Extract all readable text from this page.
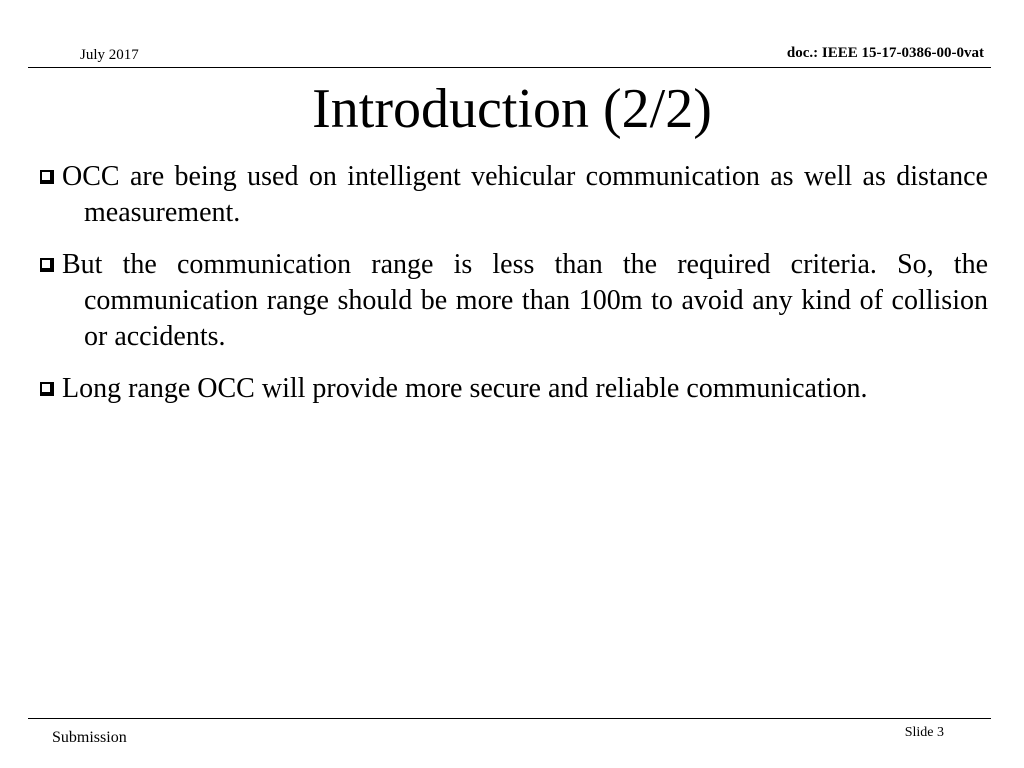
July 2017	doc.: IEEE 15-17-0386-00-0vat
Introduction (2/2)
OCC are being used on intelligent vehicular communication as well as distance measurement.
But the communication range is less than the required criteria. So, the communication range should be more than 100m to avoid any kind of collision or accidents.
Long range OCC will provide more secure and reliable communication.
Submission	Slide 3
